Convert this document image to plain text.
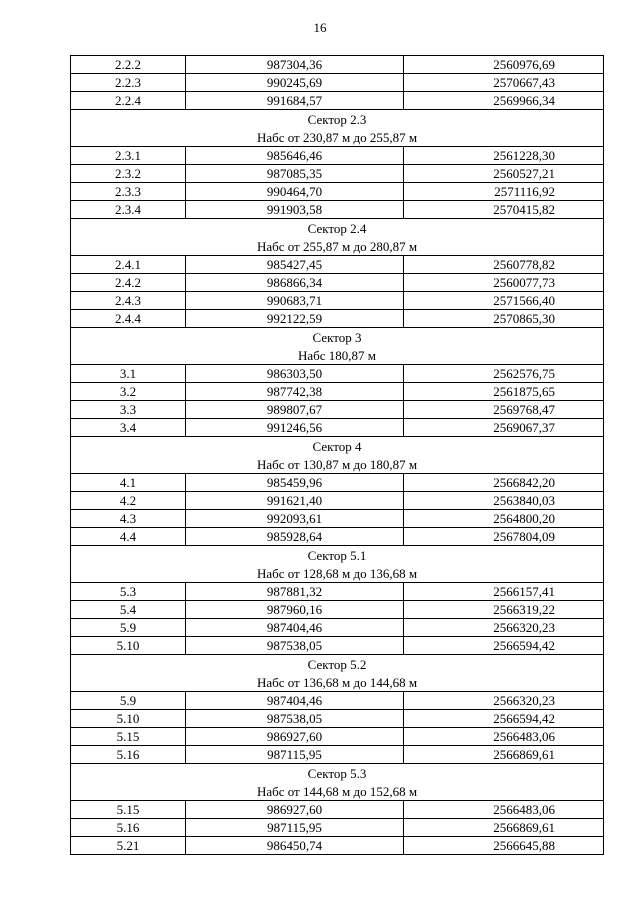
16
2.2.2	987304,36	2560976,69
2.2.3	990245,69	2570667,43
2.2.4	991684,57	2569966,34
Сектор 2.3		
Набс от 230,87 м до 255,87 м		
2.3.1	985646,46	2561228,30
2.3.2	987085,35	2560527,21
2.3.3	990464,70	2571116,92
2.3.4	991903,58	2570415,82
Сектор 2.4		
Набс от 255,87 м до 280,87 м		
2.4.1	985427,45	2560778,82
2.4.2	986866,34	2560077,73
2.4.3	990683,71	2571566,40
2.4.4	992122,59	2570865,30
Сектор 3		
Набс 180,87 м		
3.1	986303,50	2562576,75
3.2	987742,38	2561875,65
3.3	989807,67	2569768,47
3.4	991246,56	2569067,37
Сектор 4		
Набс от 130,87 м до 180,87 м		
4.1	985459,96	2566842,20
4.2	991621,40	2563840,03
4.3	992093,61	2564800,20
4.4	985928,64	2567804,09
Сектор 5.1		
Набс от 128,68 м до 136,68 м		
5.3	987881,32	2566157,41
5.4	987960,16	2566319,22
5.9	987404,46	2566320,23
5.10	987538,05	2566594,42
Сектор 5.2		
Набс от 136,68 м до 144,68 м		
5.9	987404,46	2566320,23
5.10	987538,05	2566594,42
5.15	986927,60	2566483,06
5.16	987115,95	2566869,61
Сектор 5.3		
Набс от 144,68 м до 152,68 м		
5.15	986927,60	2566483,06
5.16	987115,95	2566869,61
5.21	986450,74	2566645,88
